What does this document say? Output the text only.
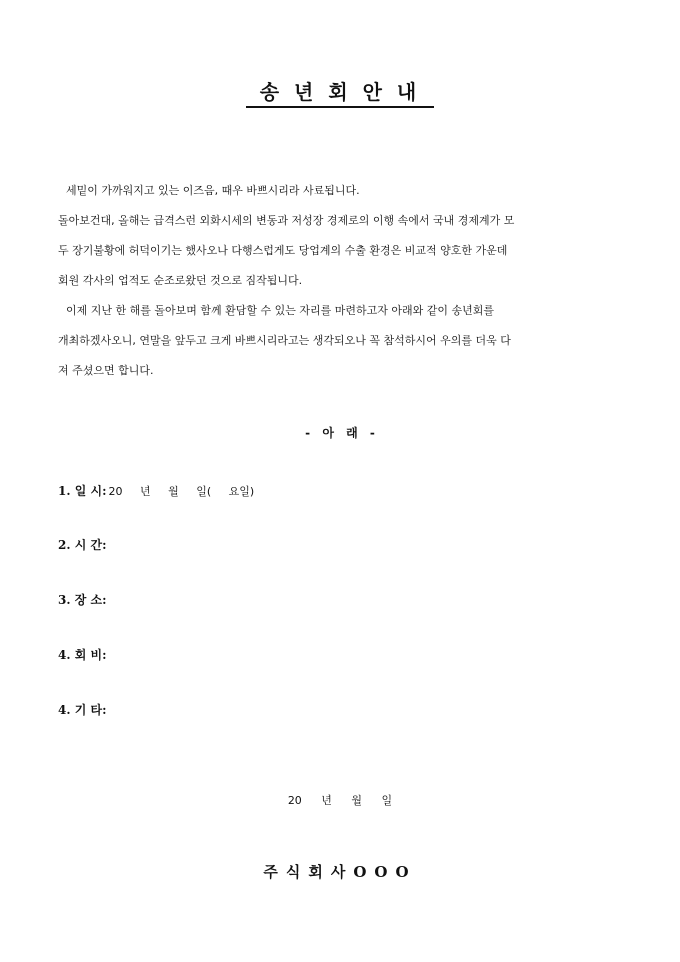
송 년 회 안 내
세밑이 가까워지고 있는 이즈음, 때우 바쁘시리라 사료됩니다.
돌아보건대, 올해는 급격스런 외화시세의 변동과 저성장 경제로의 이행 속에서 국내 경제계가 모
두 장기불황에 허덕이기는 했사오나 다행스럽게도 당업계의 수출 환경은 비교적 양호한 가운데
회원 각사의 업적도 순조로왔던 것으로 짐작됩니다.
이제 지난 한 해를 돌아보며 함께 환담할 수 있는 자리를 마련하고자 아래와 같이 송년회를
개최하겠사오니, 연말을 앞두고 크게 바쁘시리라고는 생각되오나 꼭 참석하시어 우의를 더욱 다
져 주셨으면 합니다.
- 아 래 -
1. 일 시: 20 년 월 일( 요일)
2. 시 간:
3. 장 소:
4. 회 비:
4. 기 타:
20 년 월 일
주식회사OOO
